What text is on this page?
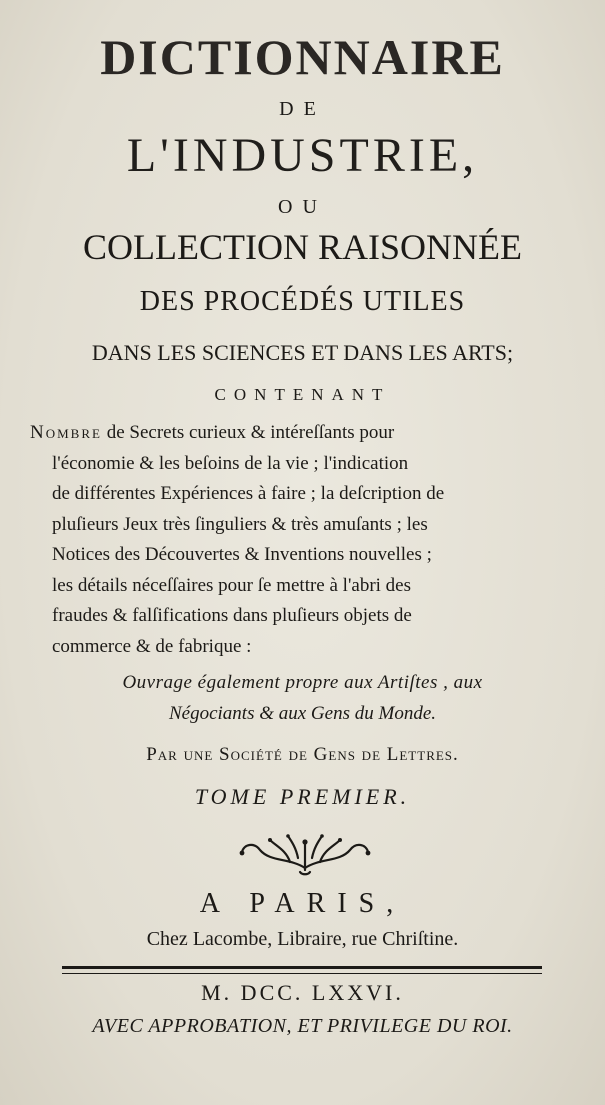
DICTIONNAIRE
DE
L'INDUSTRIE,
OU
COLLECTION RAISONNÉE
DES PROCÉDÉS UTILES
DANS LES SCIENCES ET DANS LES ARTS;
CONTENANT
Nombre de Secrets curieux & intéreſſants pour
l'économie & les beſoins de la vie ; l'indication
de différentes Expériences à faire ; la deſcription de
pluſieurs Jeux très ſinguliers & très amuſants ; les
Notices des Découvertes & Inventions nouvelles ;
les détails néceſſaires pour ſe mettre à l'abri des
fraudes & falſifications dans pluſieurs objets de
commerce & de fabrique :
Ouvrage également propre aux Artiſtes , aux
Négociants & aux Gens du Monde.
Par une Société de Gens de Lettres.
TOME PREMIER.
A PARIS,
Chez Lacombe, Libraire, rue Chriſtine.
M. DCC. LXXVI.
AVEC APPROBATION, ET PRIVILEGE DU ROI.
